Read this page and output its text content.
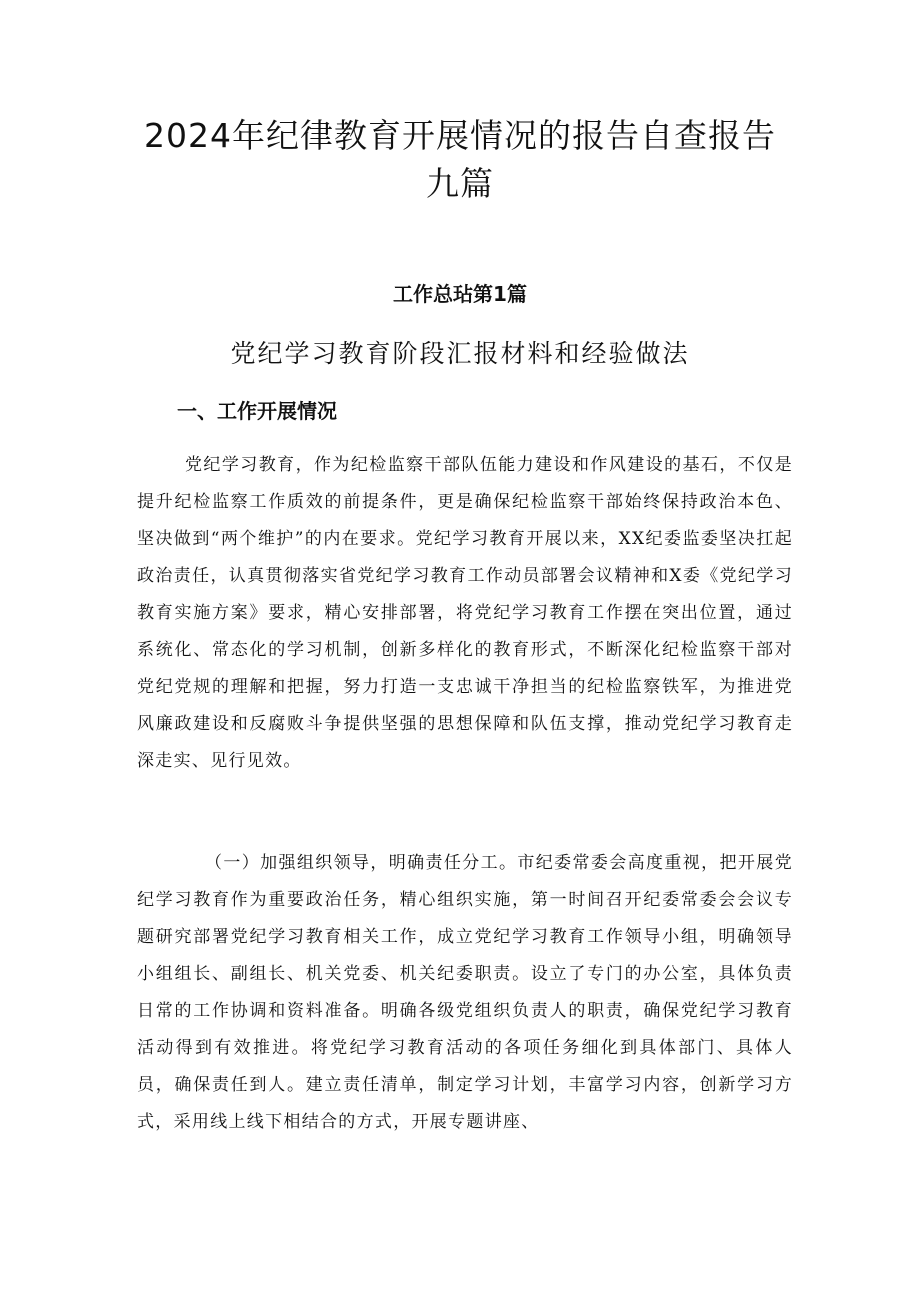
2024年纪律教育开展情况的报告自查报告
九篇
工作总玷第1篇
党纪学习教育阶段汇报材料和经验做法
一、工作开展情况

党纪学习教育，作为纪检监察干部队伍能力建设和作风建设的基石，不仅是提升纪检监察工作质效的前提条件，更是确保纪检监察干部始终保持政治本色、坚决做到“两个维护”的内在要求。党纪学习教育开展以来，XX纪委监委坚决扛起政治责任，认真贯彻落实省党纪学习教育工作动员部署会议精神和X委《党纪学习教育实施方案》要求，精心安排部署，将党纪学习教育工作摆在突出位置，通过系统化、常态化的学习机制，创新多样化的教育形式，不断深化纪检监察干部对党纪党规的理解和把握，努力打造一支忠诚干净担当的纪检监察铁军，为推进党风廉政建设和反腐败斗争提供坚强的思想保障和队伍支撑，推动党纪学习教育走深走实、见行见效。

（一）加强组织领导，明确责任分工。市纪委常委会高度重视，把开展党纪学习教育作为重要政治任务，精心组织实施，第一时间召开纪委常委会会议专题研究部署党纪学习教育相关工作，成立党纪学习教育工作领导小组，明确领导小组组长、副组长、机关党委、机关纪委职责。设立了专门的办公室，具体负责日常的工作协调和资料准备。明确各级党组织负责人的职责，确保党纪学习教育活动得到有效推进。将党纪学习教育活动的各项任务细化到具体部门、具体人员，确保责任到人。建立责任清单，制定学习计划，丰富学习内容，创新学习方式，采用线上线下相结合的方式，开展专题讲座、
